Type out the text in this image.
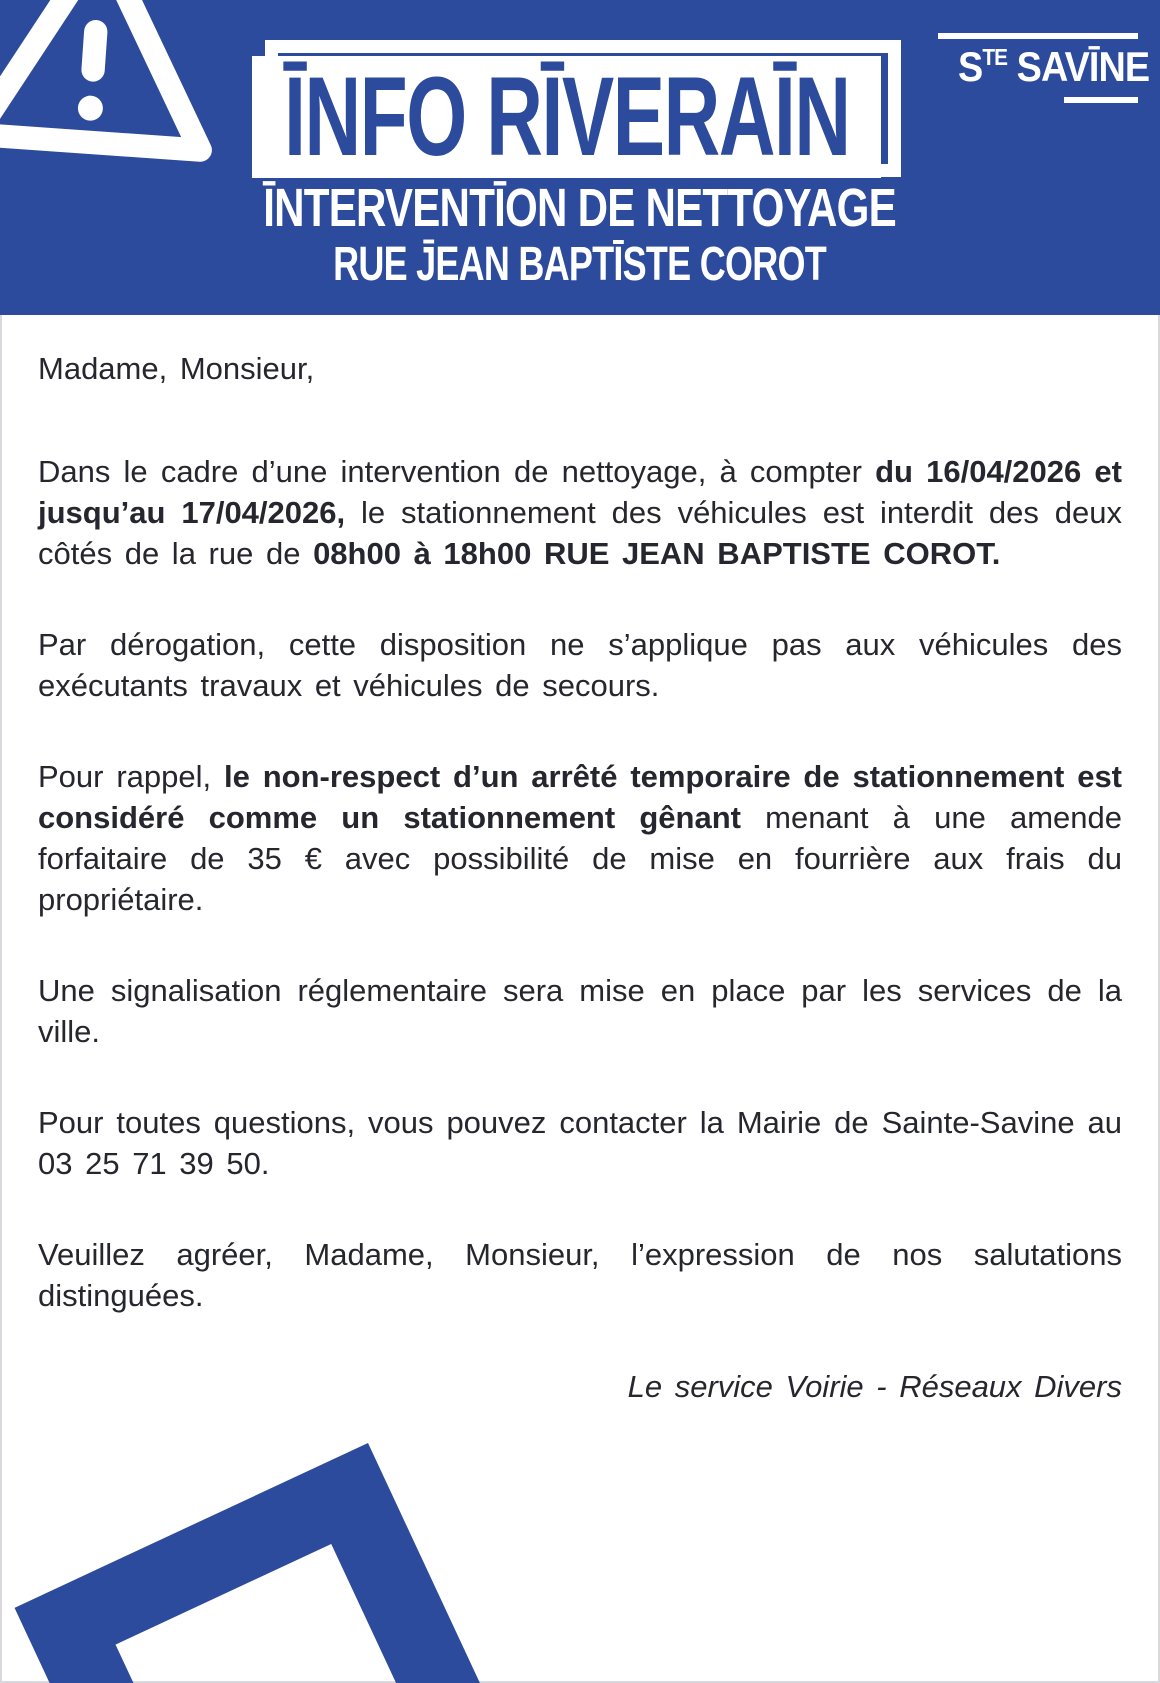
ĪNFO RĪVERAĪN	$S^{TE}$ SAVĪNE
ĪNTERVENTĪON DE NETTOYAGE
RUE J̄EAN BAPTĪSTE COROT

Madame, Monsieur,

Dans le cadre d’une intervention de nettoyage, à compter du 16/04/2026 et jusqu’au 17/04/2026, le stationnement des véhicules est interdit des deux côtés de la rue de 08h00 à 18h00 RUE JEAN BAPTISTE COROT.

Par dérogation, cette disposition ne s’applique pas aux véhicules des exécutants travaux et véhicules de secours.

Pour rappel, le non-respect d’un arrêté temporaire de stationnement est considéré comme un stationnement gênant menant à une amende forfaitaire de 35 € avec possibilité de mise en fourrière aux frais du propriétaire.

Une signalisation réglementaire sera mise en place par les services de la ville.

Pour toutes questions, vous pouvez contacter la Mairie de Sainte-Savine au 03 25 71 39 50.

Veuillez agréer, Madame, Monsieur, l’expression de nos salutations distinguées.

Le service Voirie - Réseaux Divers
